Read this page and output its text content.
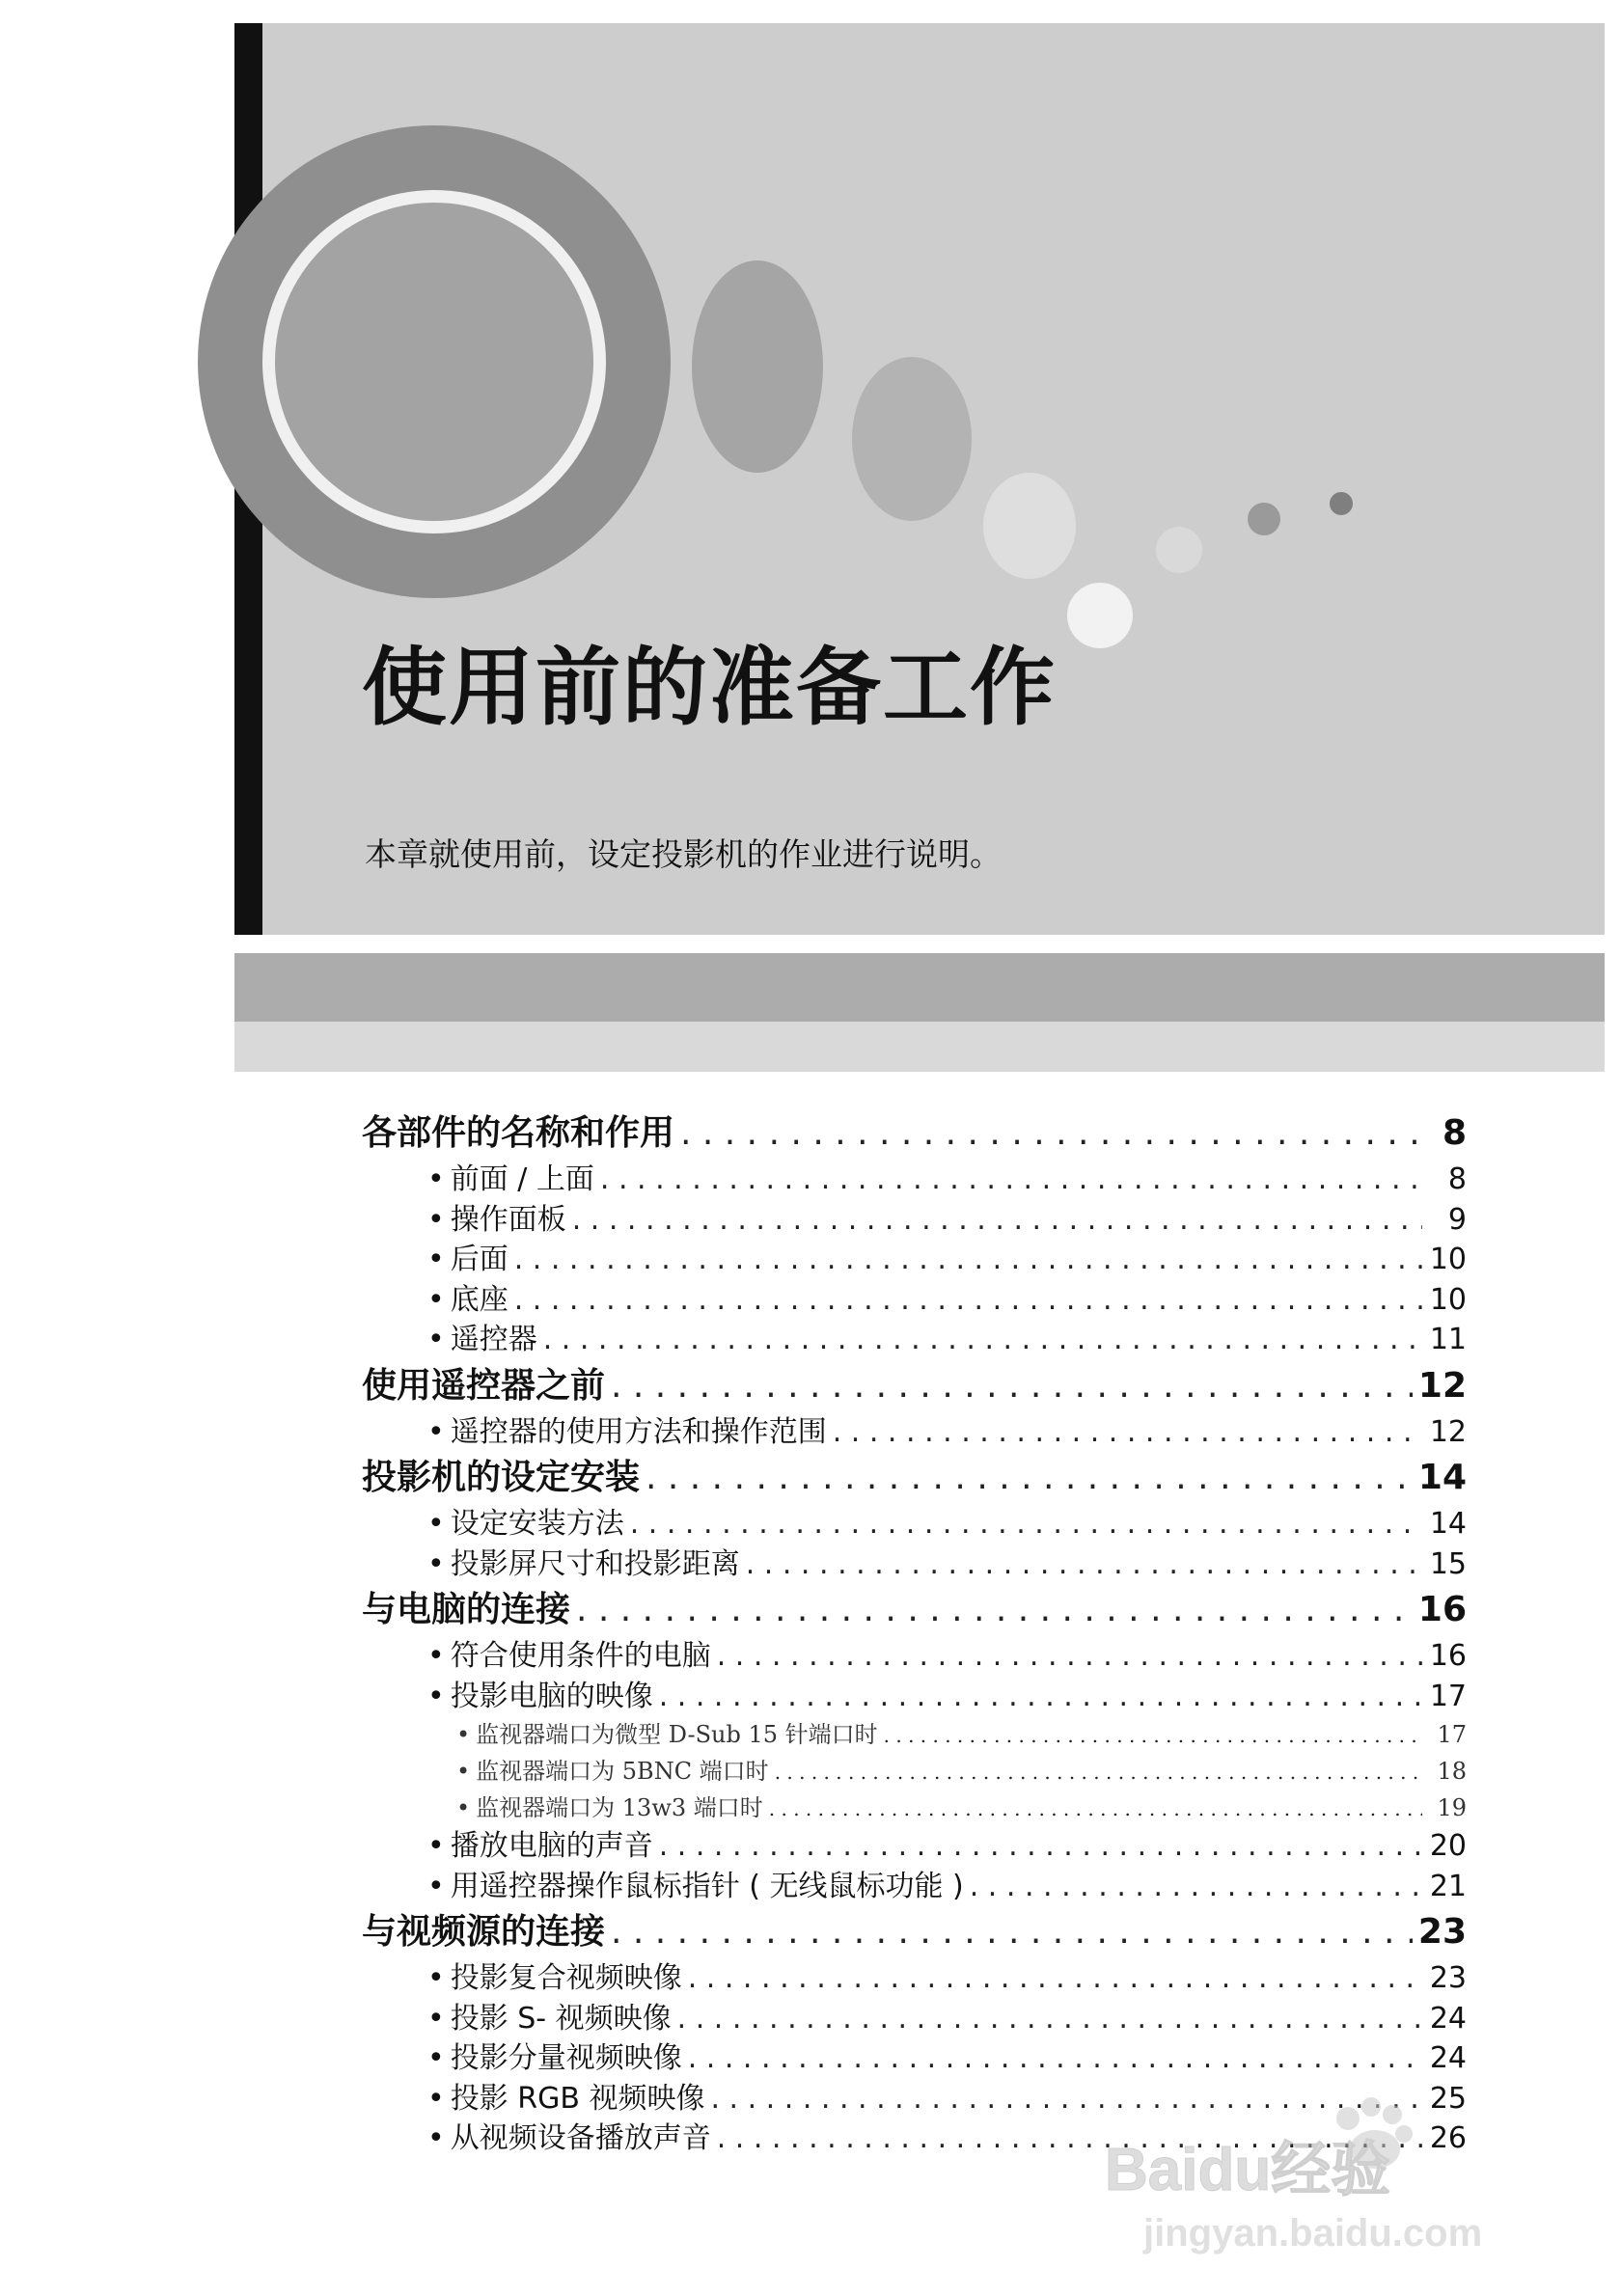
使用前的准备工作
本章就使用前，设定投影机的作业进行说明。
各部件的名称和作用 . . .	8
• 前面 / 上面 . . .	8
• 操作面板 . . .	9
• 后面 . . .	10
• 底座 . . .	10
• 遥控器 . . .	11
使用遥控器之前 . . .	12
• 遥控器的使用方法和操作范围 . . .	12
投影机的设定安装 . . .	14
• 设定安装方法 . . .	14
• 投影屏尺寸和投影距离 . . .	15
与电脑的连接 . . .	16
• 符合使用条件的电脑 . . .	16
• 投影电脑的映像 . . .	17
• 监视器端口为微型 D-Sub 15 针端口时 . . .	17
• 监视器端口为 5BNC 端口时 . . .	18
• 监视器端口为 13w3 端口时 . . .	19
• 播放电脑的声音 . . .	20
• 用遥控器操作鼠标指针 ( 无线鼠标功能 ) . . .	21
与视频源的连接 . . .	23
• 投影复合视频映像 . . .	23
• 投影 S- 视频映像 . . .	24
• 投影分量视频映像 . . .	24
• 投影 RGB 视频映像 . . .	25
• 从视频设备播放声音 . . .	26
Baidu经验
jingyan.baidu.com
